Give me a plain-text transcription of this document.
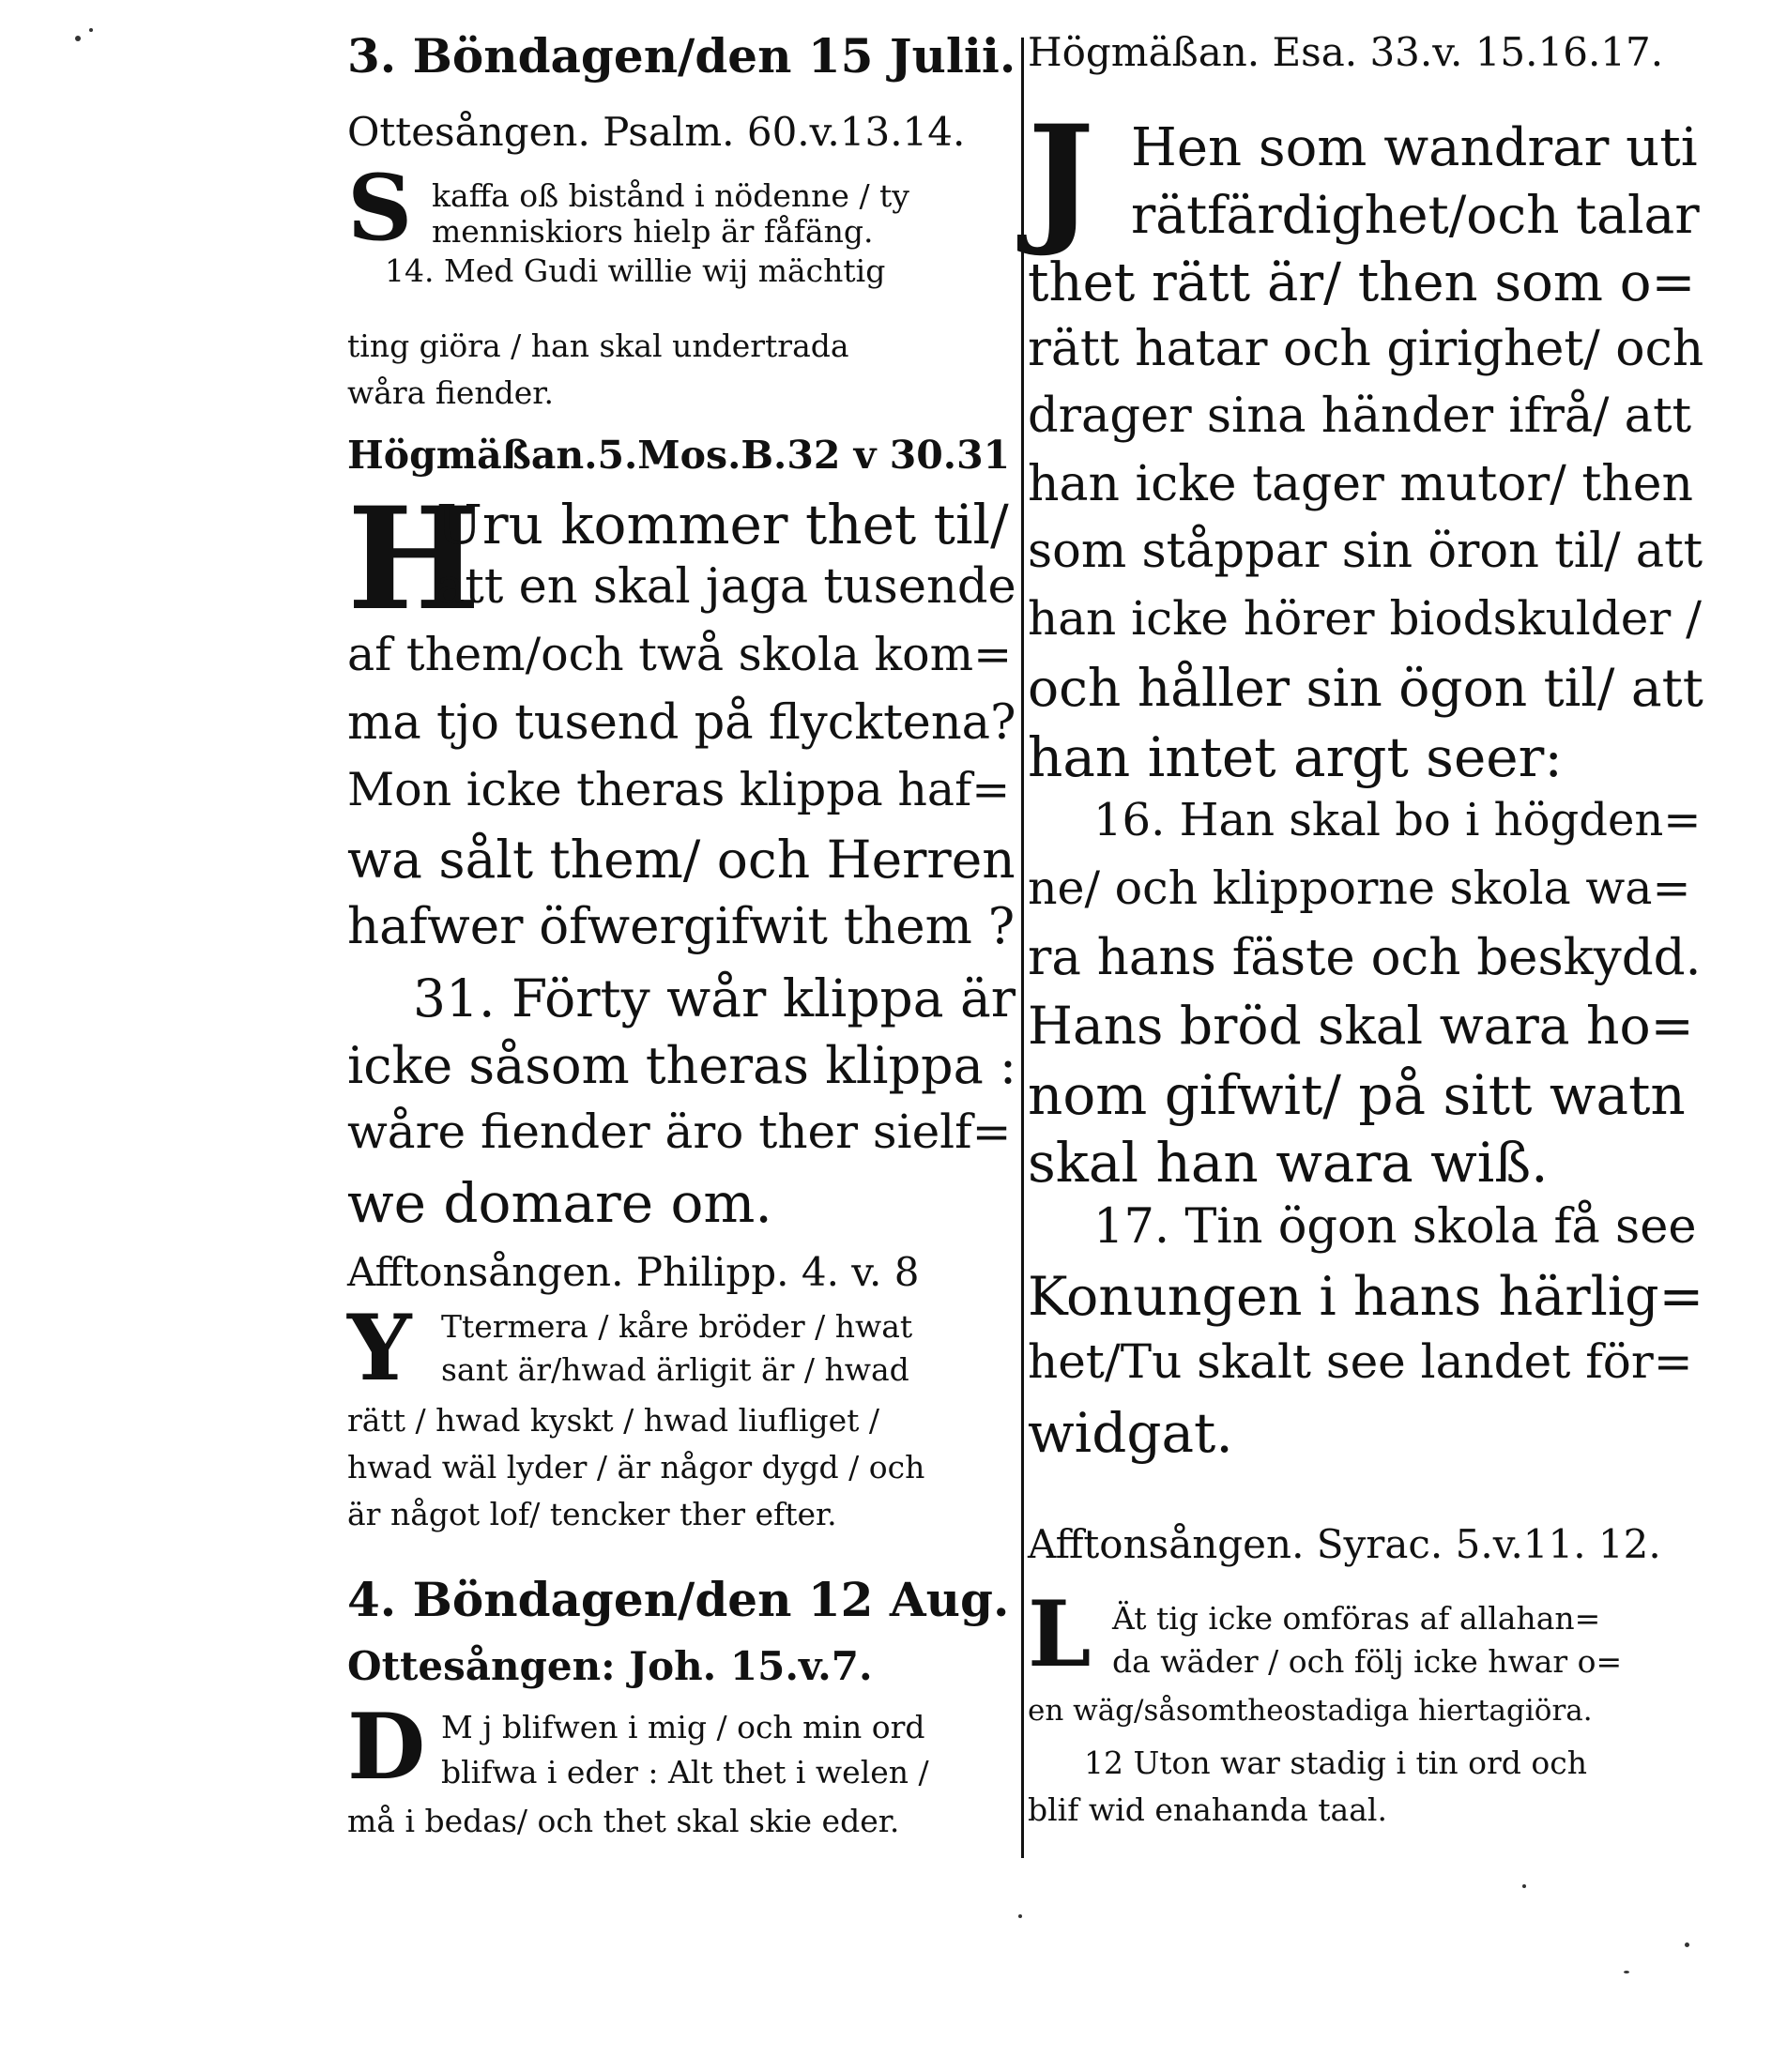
3. Böndagen/den 15 Julii.
Ottesången. Psalm. 60.v.13.14.
S kaffa oß bistånd i nödenne / ty
menniskiors hielp är fåfäng.
14. Med Gudi willie wij mächtig
ting giöra / han skal undertrada
wåra fiender.
Högmäßan.5.Mos.B.32 v 30.31
H
Uru kommer thet til/
att en skal jaga tusende
af them/och twå skola kom=
ma tjo tusend på flycktena?
Mon icke theras klippa haf=
wa sålt them/ och Herren
hafwer öfwergifwit them ?
31. Förty wår klippa är
icke såsom theras klippa :
wåre fiender äro ther sielf=
we domare om.
Afftonsången. Philipp. 4. v. 8
Y Ttermera / kåre bröder / hwat
sant är/hwad ärligit är / hwad
rätt / hwad kyskt / hwad liufliget /
hwad wäl lyder / är någor dygd / och
är något lof/ tencker ther efter.
4. Böndagen/den 12 Aug.
Ottesången: Joh. 15.v.7.
D M j blifwen i mig / och min ord
blifwa i eder : Alt thet i welen /
må i bedas/ och thet skal skie eder.
Högmäßan. Esa. 33.v. 15.16.17.
J Hen som wandrar uti
rätfärdighet/och talar
thet rätt är/ then som o=
rätt hatar och girighet/ och
drager sina händer ifrå/ att
han icke tager mutor/ then
som ståppar sin öron til/ att
han icke hörer biodskulder /
och håller sin ögon til/ att
han intet argt seer:
16. Han skal bo i högden=
ne/ och klipporne skola wa=
ra hans fäste och beskydd.
Hans bröd skal wara ho=
nom gifwit/ på sitt watn
skal han wara wiß.
17. Tin ögon skola få see
Konungen i hans härlig=
het/Tu skalt see landet för=
widgat.
Afftonsången. Syrac. 5.v.11. 12.
L Ät tig icke omföras af allahan=
da wäder / och följ icke hwar o=
en wäg/såsomtheostadiga hiertagiöra.
12 Uton war stadig i tin ord och
blif wid enahanda taal.
